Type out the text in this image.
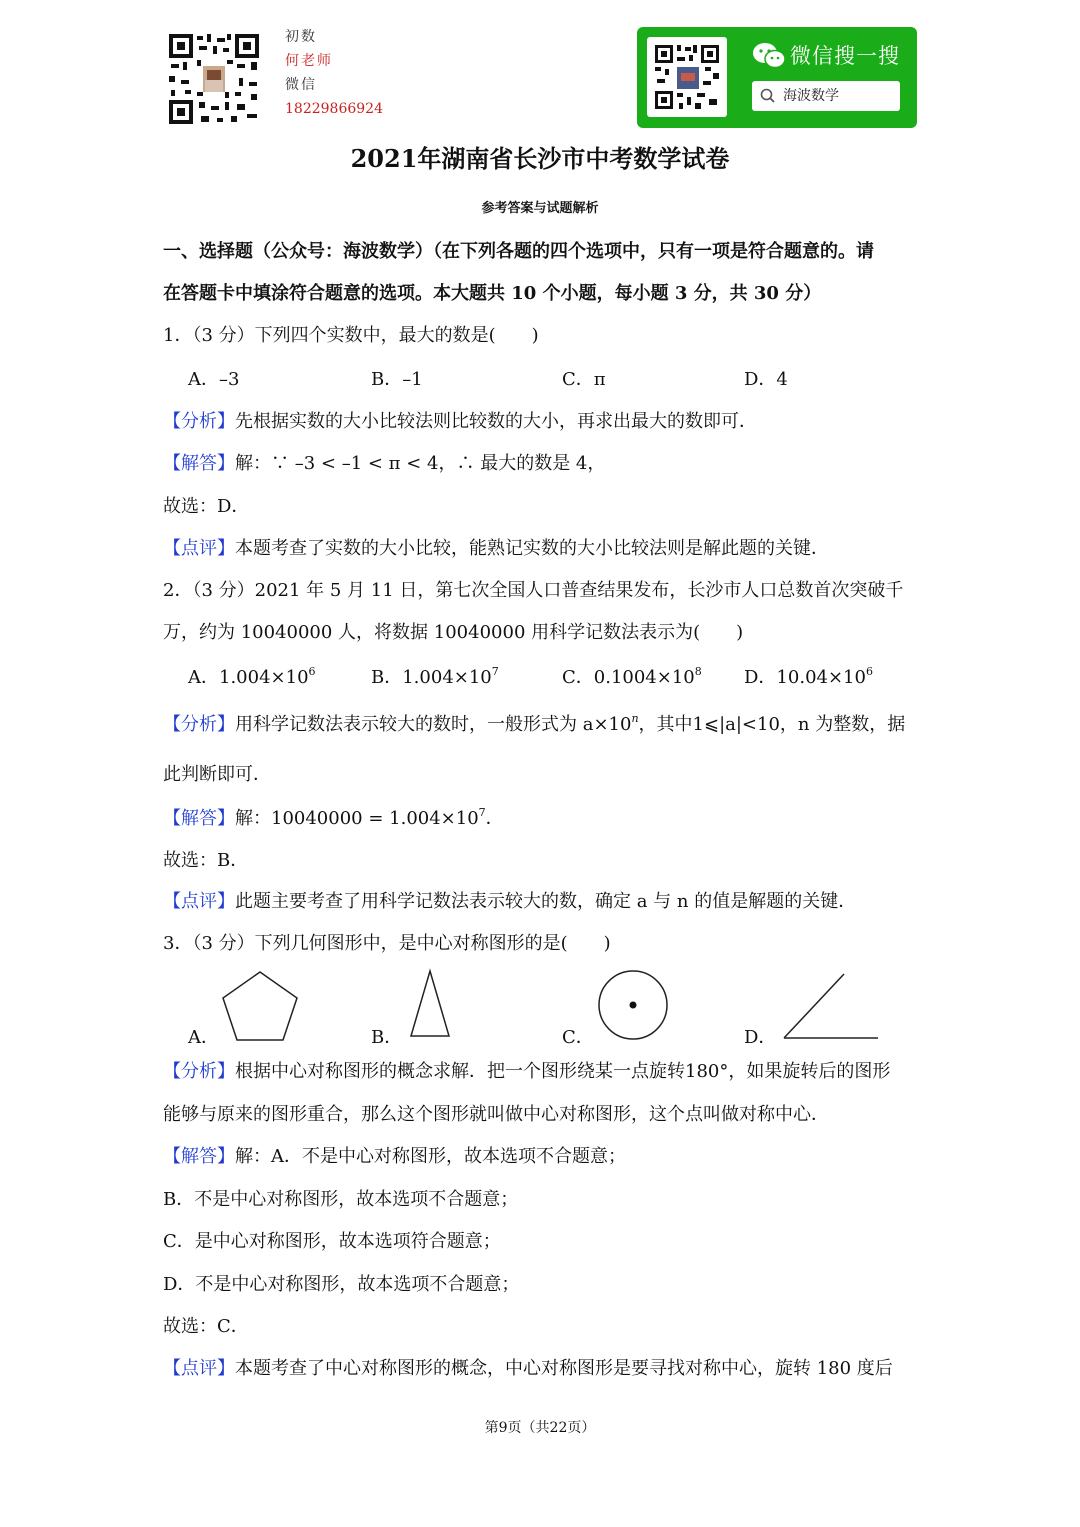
初数
何老师
微信
18229866924
微信搜一搜
海波数学
2021年湖南省长沙市中考数学试卷
参考答案与试题解析
一、选择题（公众号：海波数学）（在下列各题的四个选项中，只有一项是符合题意的。请
在答题卡中填涂符合题意的选项。本大题共 10 个小题，每小题 3 分，共 30 分）
1．（3 分）下列四个实数中，最大的数是(　　)
A．–3	B．–1	C．π	D．4
【分析】先根据实数的大小比较法则比较数的大小，再求出最大的数即可．
【解答】解：∵ –3 < –1 < π < 4，∴ 最大的数是 4，
故选：D．
【点评】本题考查了实数的大小比较，能熟记实数的大小比较法则是解此题的关键．
2．（3 分）2021 年 5 月 11 日，第七次全国人口普查结果发布，长沙市人口总数首次突破千
万，约为 10040000 人，将数据 10040000 用科学记数法表示为(　　)
A．$1.004\times 10^6$	B．$1.004\times 10^7$	C．$0.1004\times 10^8$ D．$10.04\times 10^6$
【分析】用科学记数法表示较大的数时，一般形式为 $a\times 10^n$，其中1⩽|a|<10，n 为整数，据
此判断即可．
【解答】解：$10040000 = 1.004\times 10^7$．
故选：B．
【点评】此题主要考查了用科学记数法表示较大的数，确定 a 与 n 的值是解题的关键．
3．（3 分）下列几何图形中，是中心对称图形的是(　　)
A．	B．	C．	D．
【分析】根据中心对称图形的概念求解．把一个图形绕某一点旋转180°，如果旋转后的图形
能够与原来的图形重合，那么这个图形就叫做中心对称图形，这个点叫做对称中心．
【解答】解：A．不是中心对称图形，故本选项不合题意；
B．不是中心对称图形，故本选项不合题意；
C．是中心对称图形，故本选项符合题意；
D．不是中心对称图形，故本选项不合题意；
故选：C．
【点评】本题考查了中心对称图形的概念，中心对称图形是要寻找对称中心，旋转 180 度后
第9页（共22页）
